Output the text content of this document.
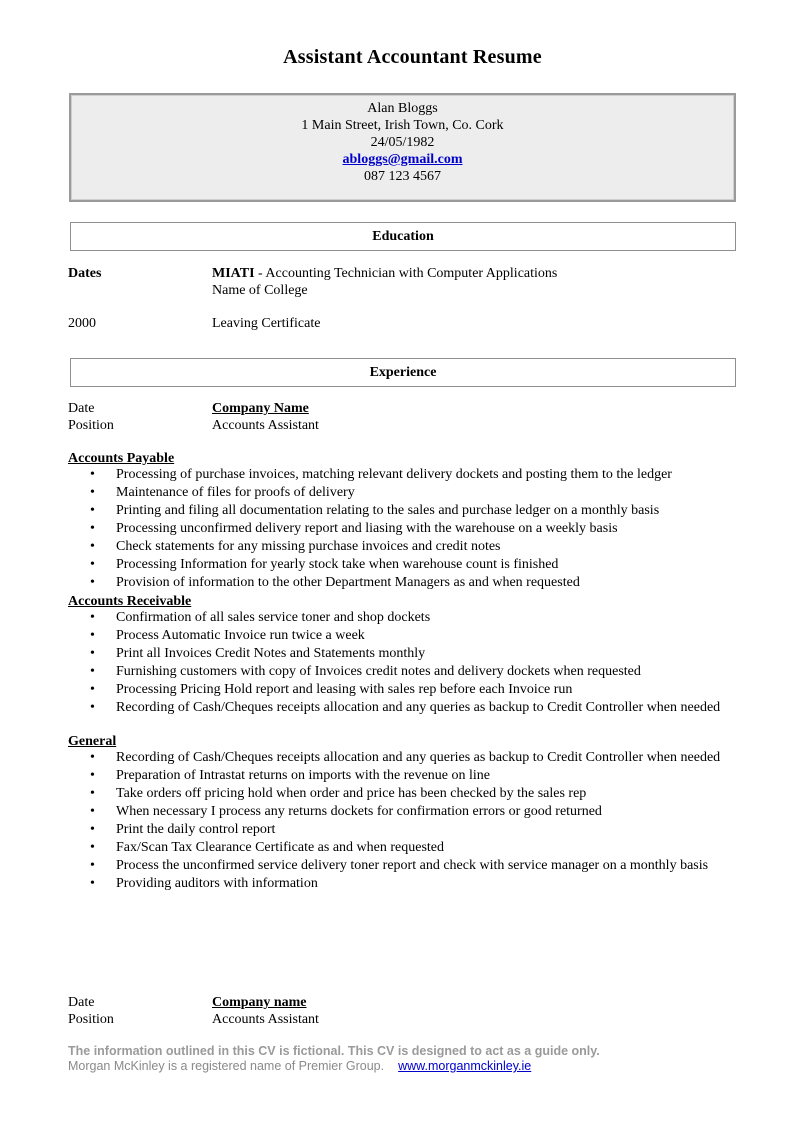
Assistant Accountant Resume
Alan Bloggs
1 Main Street, Irish Town, Co. Cork
24/05/1982
abloggs@gmail.com
087 123 4567
Education
Dates	MIATI - Accounting Technician with Computer Applications
Name of College
2000	Leaving Certificate
Experience
Date	Company Name
Position	Accounts Assistant
Accounts Payable
• Processing of purchase invoices, matching relevant delivery dockets and posting them to the ledger
• Maintenance of files for proofs of delivery
• Printing and filing all documentation relating to the sales and purchase ledger on a monthly basis
• Processing unconfirmed delivery report and liasing with the warehouse on a weekly basis
• Check statements for any missing purchase invoices and credit notes
• Processing Information for yearly stock take when warehouse count is finished
• Provision of information to the other Department Managers as and when requested
Accounts Receivable
• Confirmation of all sales service toner and shop dockets
• Process Automatic Invoice run twice a week
• Print all Invoices Credit Notes and Statements monthly
• Furnishing customers with copy of Invoices credit notes and delivery dockets when requested
• Processing Pricing Hold report and leasing with sales rep before each Invoice run
• Recording of Cash/Cheques receipts allocation and any queries as backup to Credit Controller when needed
General
• Recording of Cash/Cheques receipts allocation and any queries as backup to Credit Controller when needed
• Preparation of Intrastat returns on imports with the revenue on line
• Take orders off pricing hold when order and price has been checked by the sales rep
• When necessary I process any returns dockets for confirmation errors or good returned
• Print the daily control report
• Fax/Scan Tax Clearance Certificate as and when requested
• Process the unconfirmed service delivery toner report and check with service manager on a monthly basis
• Providing auditors with information
Date	Company name
Position	Accounts Assistant
The information outlined in this CV is fictional. This CV is designed to act as a guide only.
Morgan McKinley is a registered name of Premier Group. www.morganmckinley.ie
